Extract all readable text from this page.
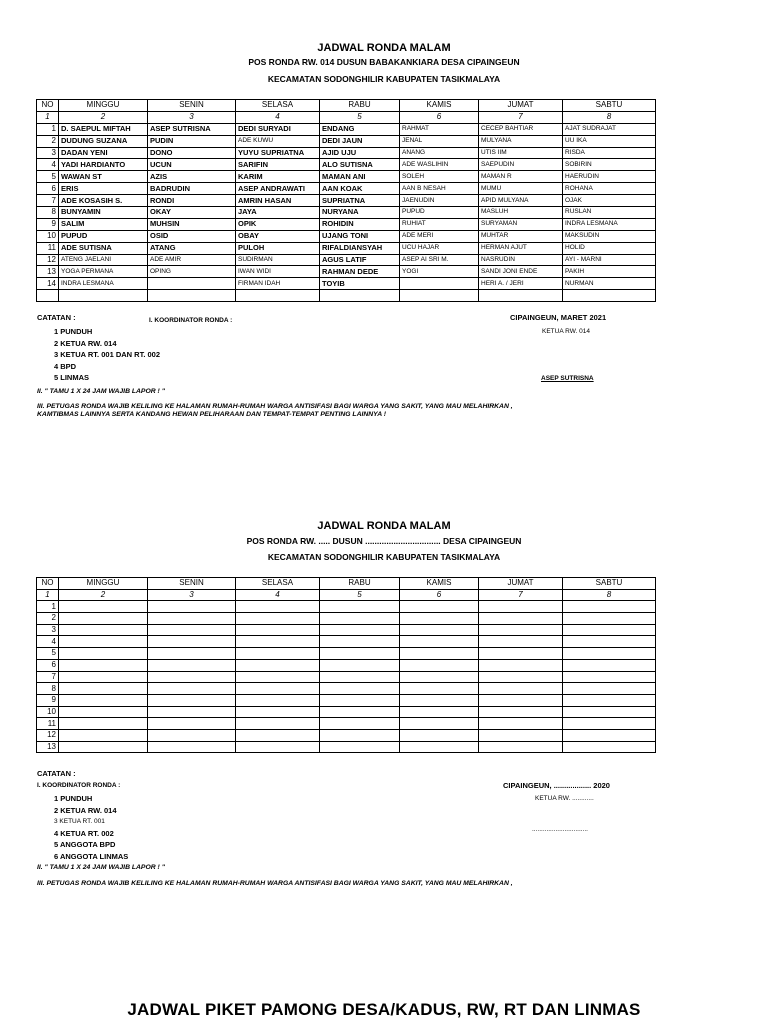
JADWAL RONDA MALAM
POS RONDA RW. 014 DUSUN BABAKANKIARA DESA CIPAINGEUN
KECAMATAN SODONGHILIR KABUPATEN TASIKMALAYA
NO	MINGGU	SENIN	SELASA	RABU	KAMIS	JUMAT	SABTU
1	2	3	4	5	6	7	8
1	D. SAEPUL MIFTAH	ASEP SUTRISNA	DEDI SURYADI	ENDANG	RAHMAT	CECEP BAHTIAR	AJAT SUDRAJAT
2	DUDUNG SUZANA	PUDIN	ADE KUWU	DEDI JAUN	JENAL	MULYANA	UU IKA
3	DADAN YENI	DONO	YUYU SUPRIATNA	AJID UJU	ANANG	UTIS IIM	RISDA
4	YADI HARDIANTO	UCUN	SARIFIN	ALO SUTISNA	ADE WASLIHIN	SAEPUDIN	SOBIRIN
5	WAWAN ST	AZIS	KARIM	MAMAN ANI	SOLEH	MAMAN R	HAERUDIN
6	ERIS	BADRUDIN	ASEP ANDRAWATI	AAN KOAK	AAN B NESAH	MUMU	ROHANA
7	ADE KOSASIH S.	RONDI	AMRIN HASAN	SUPRIATNA	JAENUDIN	APID MULYANA	OJAK
8	BUNYAMIN	OKAY	JAYA	NURYANA	PUPUD	MASLUH	RUSLAN
9	SALIM	MUHSIN	OPIK	ROHIDIN	RUHIAT	SURYAMAN	INDRA LESMANA
10	PUPUD	OSID	OBAY	UJANG TONI	ADE MERI	MUHTAR	MAKSUDIN
11	ADE SUTISNA	ATANG	PULOH	RIFALDIANSYAH	UCU HAJAR	HERMAN AJUT	HOLID
12	ATENG JAELANI	ADE AMIR	SUDIRMAN	AGUS LATIF	ASEP AI SRI M.	NASRUDIN	AYI - MARNI
13	YOGA PERMANA	OPING	IWAN WIDI	RAHMAN DEDE	YOGI	SANDI JONI ENDE	PAKIH
14	INDRA LESMANA		FIRMAN IDAH	TOYIB		HERI A. / JERI	NURMAN

CATATAN :	I. KOORDINATOR RONDA :
1 PUNDUH
2 KETUA RW. 014
3 KETUA RT. 001 DAN RT. 002
4 BPD
5 LINMAS
CIPAINGEUN, MARET 2021
KETUA RW. 014
ASEP SUTRISNA
II. " TAMU 1 X 24 JAM WAJIB LAPOR ! "
III. PETUGAS RONDA WAJIB KELILING KE HALAMAN RUMAH-RUMAH WARGA ANTISIFASI BAGI WARGA YANG SAKIT, YANG MAU MELAHIRKAN ,
KAMTIBMAS LAINNYA SERTA KANDANG HEWAN PELIHARAAN DAN TEMPAT-TEMPAT PENTING LAINNYA !
JADWAL RONDA MALAM
POS RONDA RW. ..... DUSUN ................................ DESA CIPAINGEUN
KECAMATAN SODONGHILIR KABUPATEN TASIKMALAYA
NO	MINGGU	SENIN	SELASA	RABU	KAMIS	JUMAT	SABTU
1	2	3	4	5	6	7	8
1							
2							
3							
4							
5							
6							
7							
8							
9							
10							
11							
12							
13							
CATATAN :
I. KOORDINATOR RONDA :
1 PUNDUH
2 KETUA RW. 014
3 KETUA RT. 001
4 KETUA RT. 002
5 ANGGOTA BPD
6 ANGGOTA LINMAS
CIPAINGEUN, .................. 2020
KETUA RW. ............
...............................
II. " TAMU 1 X 24 JAM WAJIB LAPOR ! "
III. PETUGAS RONDA WAJIB KELILING KE HALAMAN RUMAH-RUMAH WARGA ANTISIFASI BAGI WARGA YANG SAKIT, YANG MAU MELAHIRKAN ,
JADWAL PIKET PAMONG DESA/KADUS, RW, RT DAN LINMAS
